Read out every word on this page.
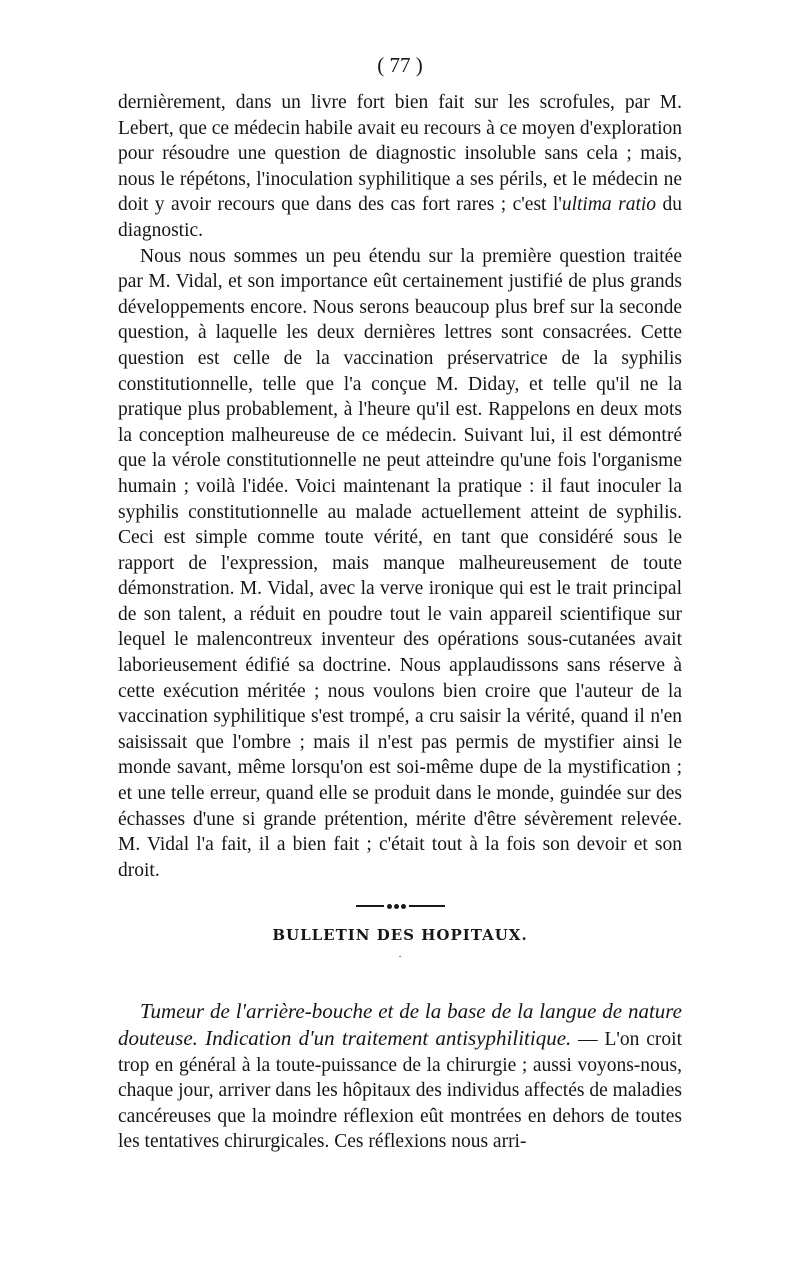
( 77 )

dernièrement, dans un livre fort bien fait sur les scrofules, par M. Lebert, que ce médecin habile avait eu recours à ce moyen d'exploration pour résoudre une question de diagnostic insoluble sans cela ; mais, nous le répétons, l'inoculation syphilitique a ses périls, et le médecin ne doit y avoir recours que dans des cas fort rares ; c'est l'ultima ratio du diagnostic.

Nous nous sommes un peu étendu sur la première question traitée par M. Vidal, et son importance eût certainement justifié de plus grands développements encore. Nous serons beaucoup plus bref sur la seconde question, à laquelle les deux dernières lettres sont consacrées. Cette question est celle de la vaccination préservatrice de la syphilis constitutionnelle, telle que l'a conçue M. Diday, et telle qu'il ne la pratique plus probablement, à l'heure qu'il est. Rappelons en deux mots la conception malheureuse de ce médecin. Suivant lui, il est démontré que la vérole constitutionnelle ne peut atteindre qu'une fois l'organisme humain ; voilà l'idée. Voici maintenant la pratique : il faut inoculer la syphilis constitutionnelle au malade actuellement atteint de syphilis. Ceci est simple comme toute vérité, en tant que considéré sous le rapport de l'expression, mais manque malheureusement de toute démonstration. M. Vidal, avec la verve ironique qui est le trait principal de son talent, a réduit en poudre tout le vain appareil scientifique sur lequel le malencontreux inventeur des opérations sous-cutanées avait laborieusement édifié sa doctrine. Nous applaudissons sans réserve à cette exécution méritée ; nous voulons bien croire que l'auteur de la vaccination syphilitique s'est trompé, a cru saisir la vérité, quand il n'en saisissait que l'ombre ; mais il n'est pas permis de mystifier ainsi le monde savant, même lorsqu'on est soi-même dupe de la mystification ; et une telle erreur, quand elle se produit dans le monde, guindée sur des échasses d'une si grande prétention, mérite d'être sévèrement relevée. M. Vidal l'a fait, il a bien fait ; c'était tout à la fois son devoir et son droit.

BULLETIN DES HOPITAUX.
·

Tumeur de l'arrière-bouche et de la base de la langue de nature douteuse. Indication d'un traitement antisyphilitique. — L'on croit trop en général à la toute-puissance de la chirurgie ; aussi voyons-nous, chaque jour, arriver dans les hôpitaux des individus affectés de maladies cancéreuses que la moindre réflexion eût montrées en dehors de toutes les tentatives chirurgicales. Ces réflexions nous arri-
